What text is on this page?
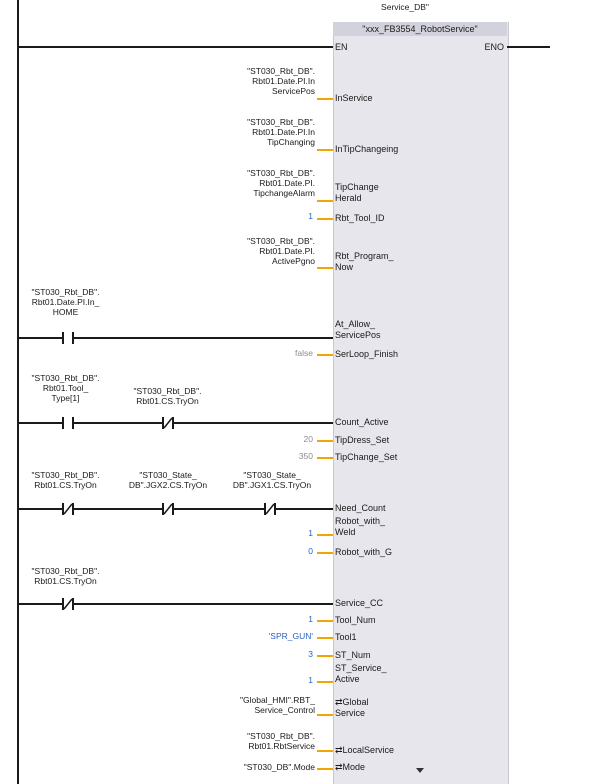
Service_DB"
"xxx_FB3554_RobotService"
EN	ENO
"ST030_Rbt_DB".
Rbt01.Date.PI.In
ServicePos
InService
"ST030_Rbt_DB".
Rbt01.Date.PI.In
TipChanging
InTipChangeing
"ST030_Rbt_DB".
Rbt01.Date.PI.
TipchangeAlarm
TipChange
Herald
1 Rbt_Tool_ID
"ST030_Rbt_DB".
Rbt01.Date.PI.
ActivePgno Rbt_Program_
Now
"ST030_Rbt_DB".
Rbt01.Date.PI.In_
HOME
At_Allow_
ServicePos
false SerLoop_Finish
"ST030_Rbt_DB".
Rbt01.Tool_
Type[1]
"ST030_Rbt_DB".
Rbt01.CS.TryOn
Count_Active
20 TipDress_Set
350 TipChange_Set
"ST030_Rbt_DB".
Rbt01.CS.TryOn
"ST030_State_
DB".JGX2.CS.TryOn
"ST030_State_
DB".JGX1.CS.TryOn
Need_Count
1
Robot_with_
Weld
0 Robot_with_G
"ST030_Rbt_DB".
Rbt01.CS.TryOn
Service_CC
1 Tool_Num
'SPR_GUN' Tool1
3 ST_Num
1
ST_Service_
Active
"Global_HMI".RBT_
Service_Control
⇄Global
Service
"ST030_Rbt_DB".
Rbt01.RbtService ⇄LocalService
"ST030_DB".Mode ⇄Mode
